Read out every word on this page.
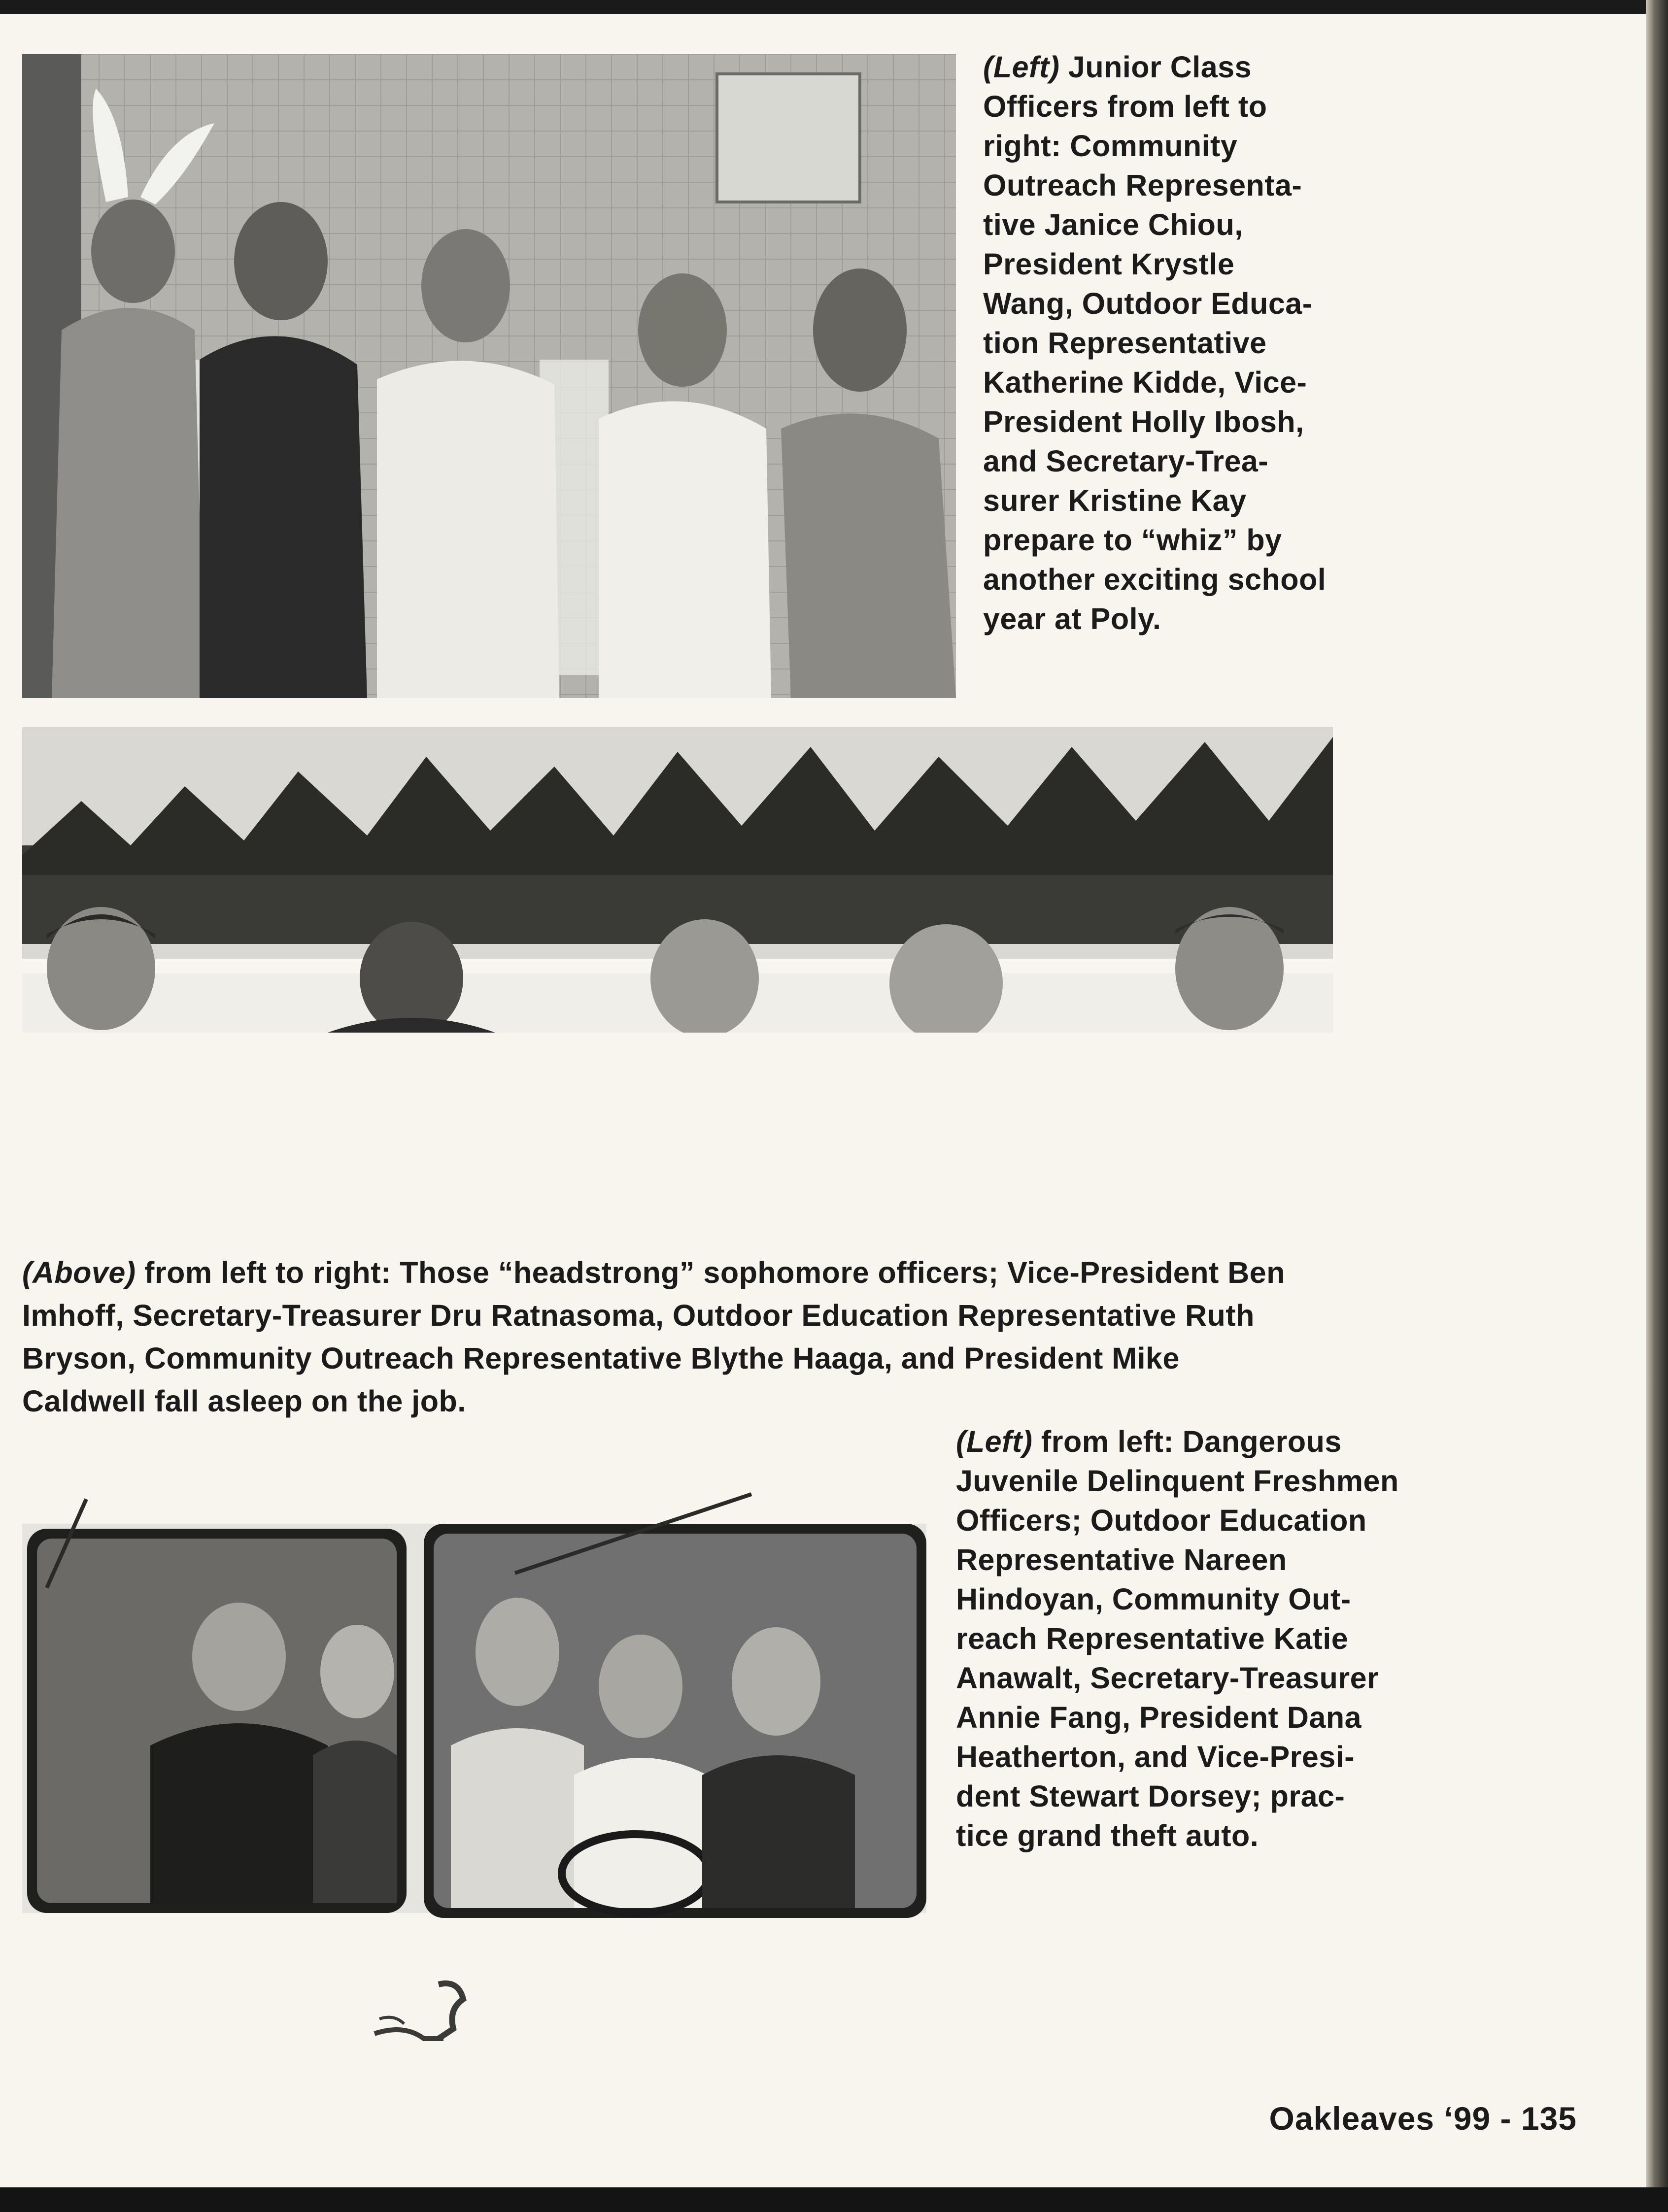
(Left) Junior Class
Officers from left to
right: Community
Outreach Representa-
tive Janice Chiou,
President Krystle
Wang, Outdoor Educa-
tion Representative
Katherine Kidde, Vice-
President Holly Ibosh,
and Secretary-Trea-
surer Kristine Kay
prepare to “whiz” by
another exciting school
year at Poly.
(Above) from left to right: Those “headstrong” sophomore officers; Vice-President Ben
Imhoff, Secretary-Treasurer Dru Ratnasoma, Outdoor Education Representative Ruth
Bryson, Community Outreach Representative Blythe Haaga, and President Mike
Caldwell fall asleep on the job.
(Left) from left: Dangerous
Juvenile Delinquent Freshmen
Officers; Outdoor Education
Representative Nareen
Hindoyan, Community Out-
reach Representative Katie
Anawalt, Secretary-Treasurer
Annie Fang, President Dana
Heatherton, and Vice-Presi-
dent Stewart Dorsey; prac-
tice grand theft auto.
Oakleaves ‘99 - 135
